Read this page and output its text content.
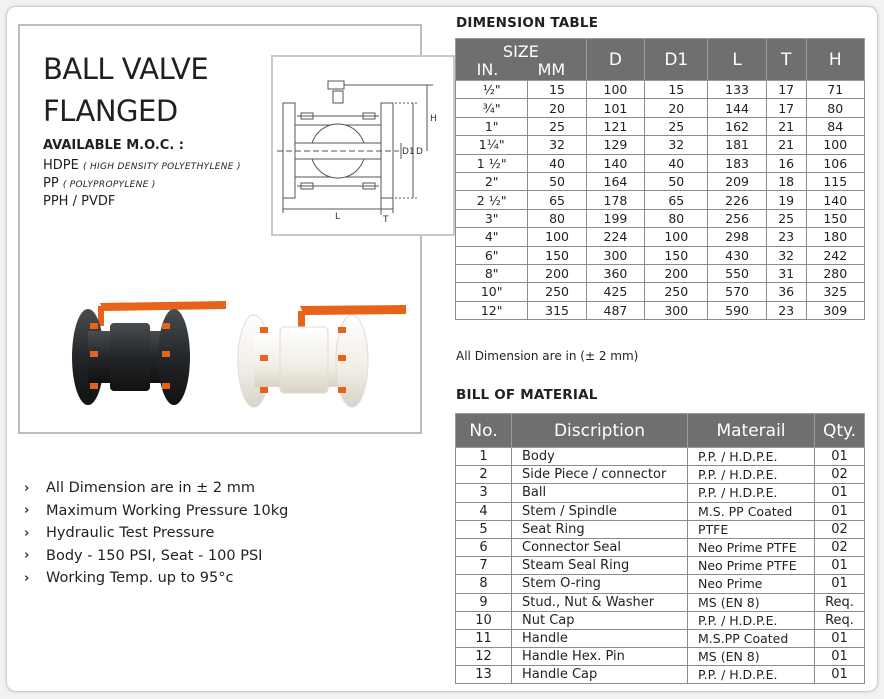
BALL VALVE
FLANGED
AVAILABLE M.O.C. :
HDPE ( HIGH DENSITY POLYETHYLENE )
PP ( POLYPROPYLENE )
PPH / PVDF
H
D1 D
L	T
›	All Dimension are in ± 2 mm
›	Maximum Working Pressure 10kg
›	Hydraulic Test Pressure
›	Body - 150 PSI, Seat - 100 PSI
›	Working Temp. up to 95°c
DIMENSION TABLE
SIZE
IN. MM		D	D1	L	T	H
½"	15	100	15	133	17	71
¾"	20	101	20	144	17	80
1"	25	121	25	162	21	84
1¼"	32	129	32	181	21	100
1 ½"	40	140	40	183	16	106
2"	50	164	50	209	18	115
2 ½"	65	178	65	226	19	140
3"	80	199	80	256	25	150
4"	100	224	100	298	23	180
6"	150	300	150	430	32	242
8"	200	360	200	550	31	280
10"	250	425	250	570	36	325
12"	315	487	300	590	23	309
All Dimension are in (± 2 mm)
BILL OF MATERIAL
No.	Discription	Materail	Qty.
1	Body	P.P. / H.D.P.E.	01
2	Side Piece / connector	P.P. / H.D.P.E.	02
3	Ball	P.P. / H.D.P.E.	01
4	Stem / Spindle	M.S. PP Coated	01
5	Seat Ring	PTFE	02
6	Connector Seal	Neo Prime PTFE	02
7	Steam Seal Ring	Neo Prime PTFE	01
8	Stem O-ring	Neo Prime	01
9	Stud., Nut & Washer	MS (EN 8)	Req.
10	Nut Cap	P.P. / H.D.P.E.	Req.
11	Handle	M.S.PP Coated	01
12	Handle Hex. Pin	MS (EN 8)	01
13	Handle Cap	P.P. / H.D.P.E.	01
